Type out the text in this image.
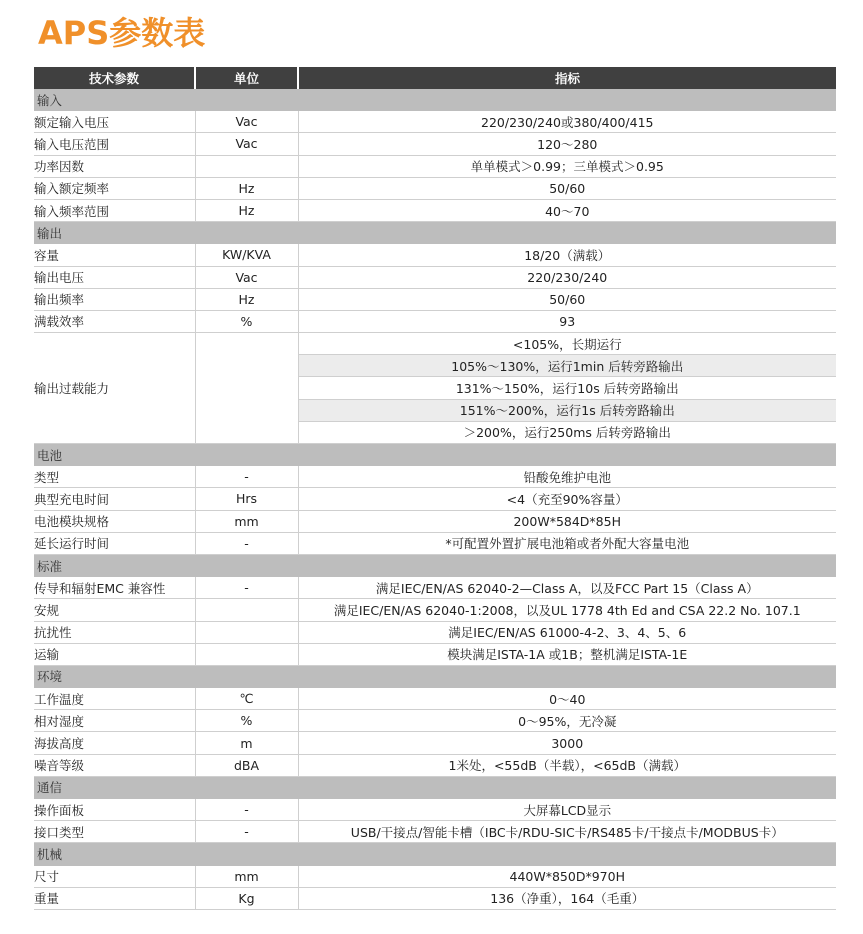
APS参数表
技术参数	单位	指标
输入		
额定输入电压	Vac	220/230/240或380/400/415
输入电压范围	Vac	120～280
功率因数		单单模式＞0.99；三单模式＞0.95
输入额定频率	Hz	50/60
输入频率范围	Hz	40～70
输出		
容量	KW/KVA	18/20（满载）
输出电压	Vac	220/230/240
输出频率	Hz	50/60
满载效率	%	93
输出过载能力		<105%，长期运行
		105%～130%，运行1min 后转旁路输出
		131%～150%，运行10s 后转旁路输出
		151%～200%，运行1s 后转旁路输出
		＞200%，运行250ms 后转旁路输出
电池		
类型	-	铅酸免维护电池
典型充电时间	Hrs	<4（充至90%容量）
电池模块规格	mm	200W*584D*85H
延长运行时间	-	*可配置外置扩展电池箱或者外配大容量电池
标准		
传导和辐射EMC 兼容性	-	满足IEC/EN/AS 62040-2—Class A，以及FCC Part 15（Class A）
安规		满足IEC/EN/AS 62040-1:2008，以及UL 1778 4th Ed and CSA 22.2 No. 107.1
抗扰性		满足IEC/EN/AS 61000-4-2、3、4、5、6
运输		模块满足ISTA-1A 或1B；整机满足ISTA-1E
环境		
工作温度	℃	0～40
相对湿度	%	0～95%，无冷凝
海拔高度	m	3000
噪音等级	dBA	1米处，<55dB（半载），<65dB（满载）
通信		
操作面板	-	大屏幕LCD显示
接口类型	-	USB/干接点/智能卡槽（IBC卡/RDU-SIC卡/RS485卡/干接点卡/MODBUS卡）
机械		
尺寸	mm	440W*850D*970H
重量	Kg	136（净重），164（毛重）
